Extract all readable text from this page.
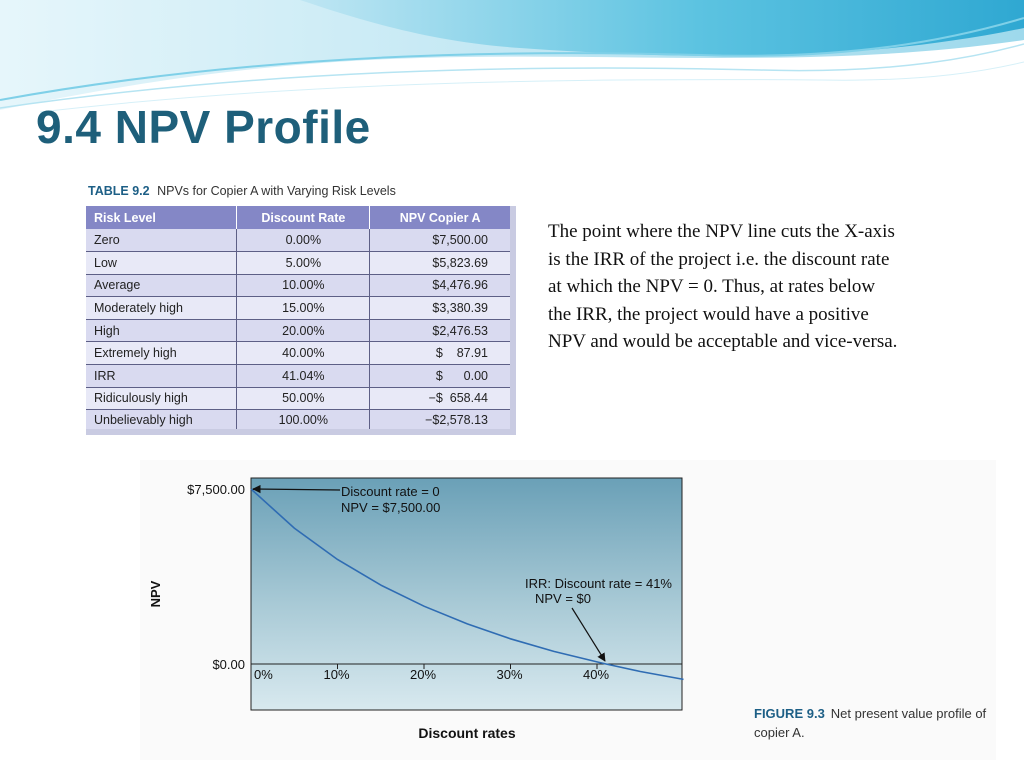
9.4 NPV Profile
TABLE 9.2 NPVs for Copier A with Varying Risk Levels
Risk Level	Discount Rate	NPV Copier A
Zero	0.00%	$7,500.00
Low	5.00%	$5,823.69
Average	10.00%	$4,476.96
Moderately high	15.00%	$3,380.39
High	20.00%	$2,476.53
Extremely high	40.00%	$    87.91
IRR	41.04%	$      0.00
Ridiculously high	50.00%	−$  658.44
Unbelievably high	100.00%	−$2,578.13

The point where the NPV line cuts the X-axis is the IRR of the project i.e. the discount rate at which the NPV = 0. Thus, at rates below the IRR, the project would have a positive NPV and would be acceptable and vice-versa.

0%	10%	20%	30%	40%
$7,500.00
$0.00
Discount rate = 0
NPV = $7,500.00
IRR: Discount rate = 41%
NPV = $0
NPV
Discount rates
FIGURE 9.3 Net present value profile of copier A.
